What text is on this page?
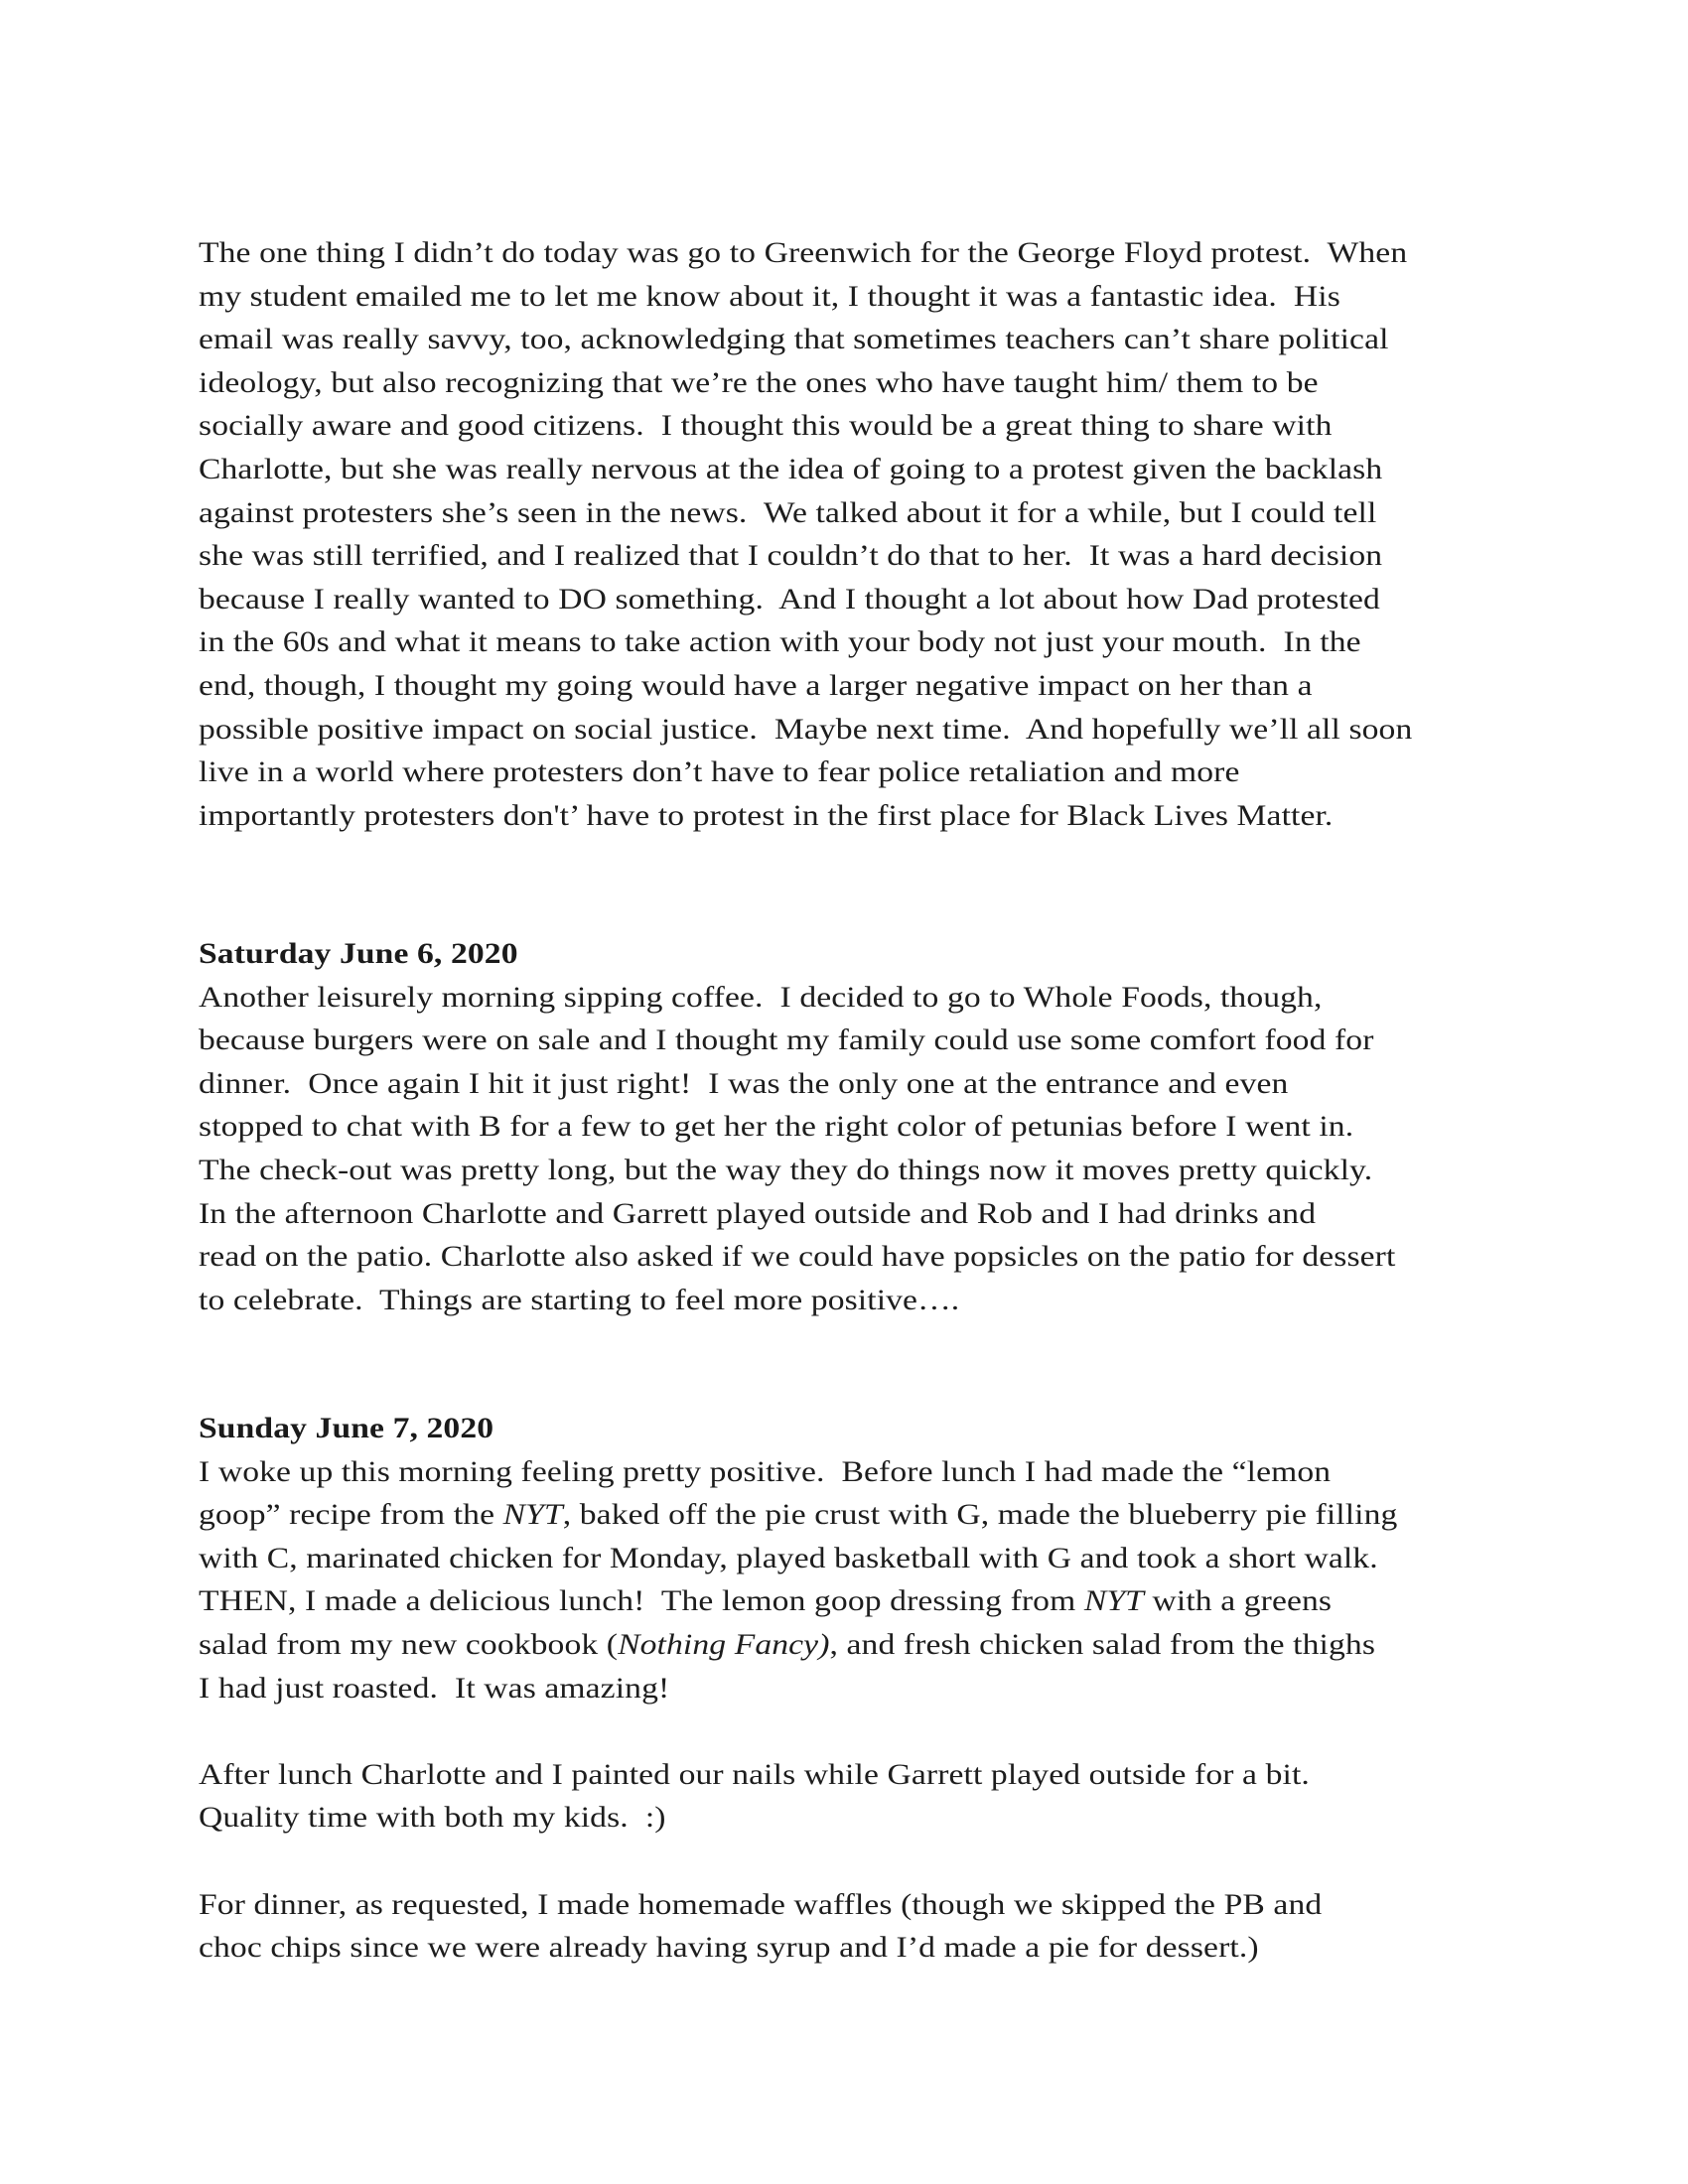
The one thing I didn’t do today was go to Greenwich for the George Floyd protest.  When
my student emailed me to let me know about it, I thought it was a fantastic idea.  His
email was really savvy, too, acknowledging that sometimes teachers can’t share political
ideology, but also recognizing that we’re the ones who have taught him/ them to be
socially aware and good citizens.  I thought this would be a great thing to share with
Charlotte, but she was really nervous at the idea of going to a protest given the backlash
against protesters she’s seen in the news.  We talked about it for a while, but I could tell
she was still terrified, and I realized that I couldn’t do that to her.  It was a hard decision
because I really wanted to DO something.  And I thought a lot about how Dad protested
in the 60s and what it means to take action with your body not just your mouth.  In the
end, though, I thought my going would have a larger negative impact on her than a
possible positive impact on social justice.  Maybe next time.  And hopefully we’ll all soon
live in a world where protesters don’t have to fear police retaliation and more
importantly protesters don't’ have to protest in the first place for Black Lives Matter.
Saturday June 6, 2020
Another leisurely morning sipping coffee.  I decided to go to Whole Foods, though,
because burgers were on sale and I thought my family could use some comfort food for
dinner.  Once again I hit it just right!  I was the only one at the entrance and even
stopped to chat with B for a few to get her the right color of petunias before I went in.
The check-out was pretty long, but the way they do things now it moves pretty quickly.
In the afternoon Charlotte and Garrett played outside and Rob and I had drinks and
read on the patio. Charlotte also asked if we could have popsicles on the patio for dessert
to celebrate.  Things are starting to feel more positive….
Sunday June 7, 2020
I woke up this morning feeling pretty positive.  Before lunch I had made the “lemon
goop” recipe from the NYT, baked off the pie crust with G, made the blueberry pie filling
with C, marinated chicken for Monday, played basketball with G and took a short walk.
THEN, I made a delicious lunch!  The lemon goop dressing from NYT with a greens
salad from my new cookbook (Nothing Fancy), and fresh chicken salad from the thighs
I had just roasted.  It was amazing!
After lunch Charlotte and I painted our nails while Garrett played outside for a bit.
Quality time with both my kids.  :)
For dinner, as requested, I made homemade waffles (though we skipped the PB and
choc chips since we were already having syrup and I’d made a pie for dessert.)
